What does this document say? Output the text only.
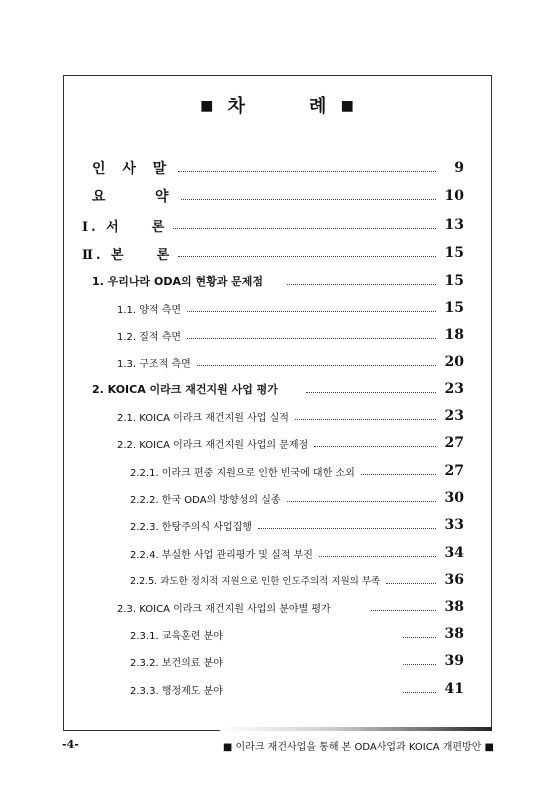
■ 차	례 ■
인 사 말	9
요    약	10
Ⅰ. 서    론	13
Ⅱ. 본    론	15
1. 우리나라 ODA의 현황과 문제점	15
1.1. 양적 측면	15
1.2. 질적 측면	18
1.3. 구조적 측면	20
2. KOICA 이라크 재건지원 사업 평가	23
2.1. KOICA 이라크 재건지원 사업 실적	23
2.2. KOICA 이라크 재건지원 사업의 문제점	27
2.2.1. 이라크 편중 지원으로 인한 빈국에 대한 소외	27
2.2.2. 한국 ODA의 방향성의 실종	30
2.2.3. 한탕주의식 사업집행	33
2.2.4. 부실한 사업 관리평가 및 실적 부진	34
2.2.5. 과도한 정치적 지원으로 인한 인도주의적 지원의 부족	36
2.3. KOICA 이라크 재건지원 사업의 분야별 평가	38
2.3.1. 교육훈련 분야	38
2.3.2. 보건의료 분야	39
2.3.3. 행정제도 분야	41
-4-	■ 이라크 재건사업을 통해 본 ODA사업과 KOICA 개편방안 ■
